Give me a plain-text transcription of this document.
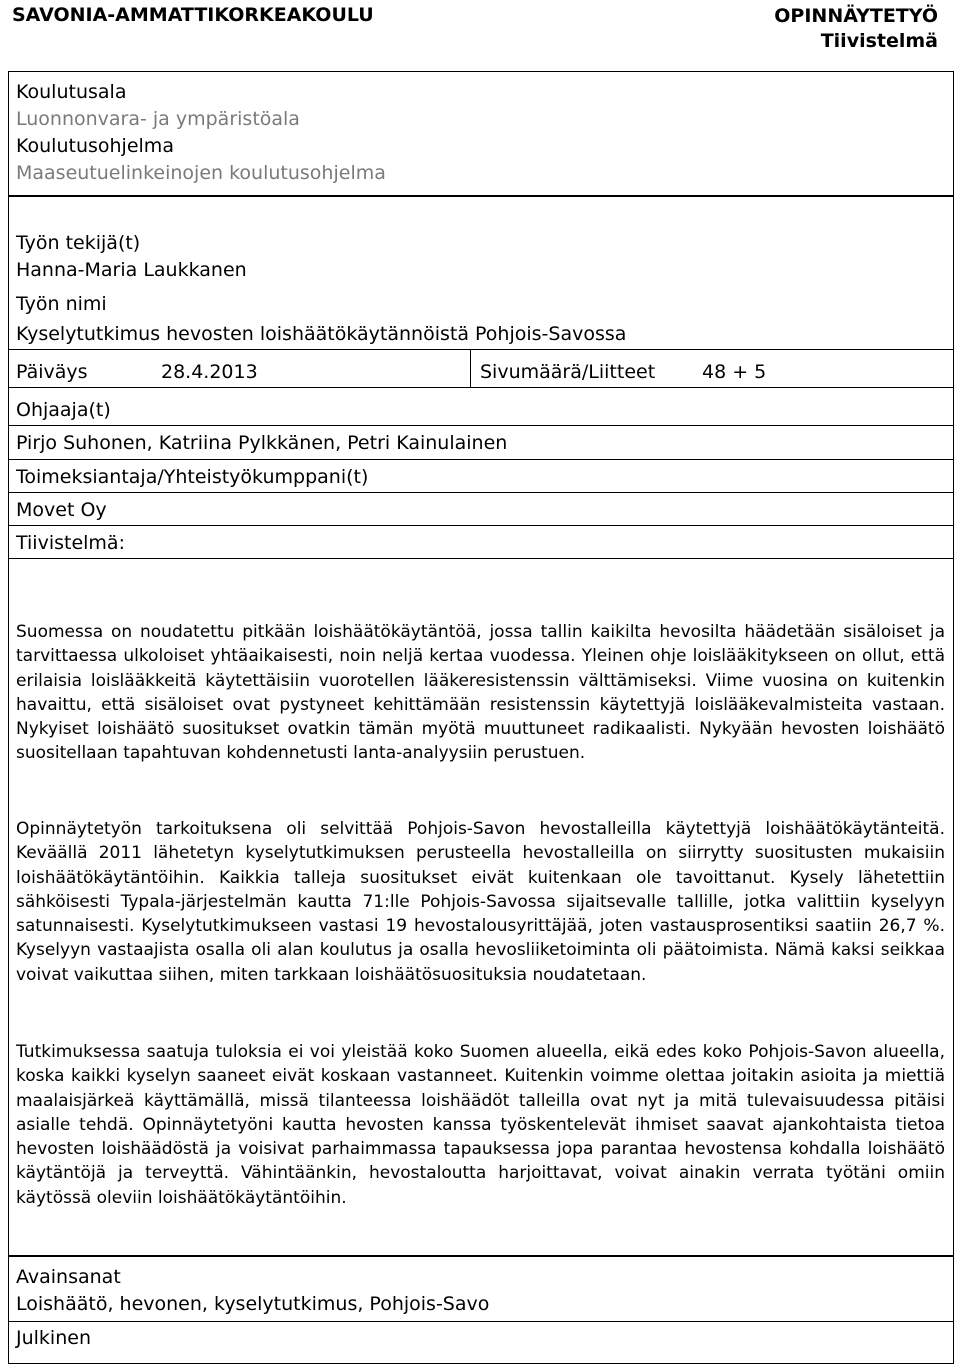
SAVONIA-AMMATTIKORKEAKOULU	OPINNÄYTETYÖ
Tiivistelmä
Koulutusala
Luonnonvara- ja ympäristöala
Koulutusohjelma
Maaseutuelinkeinojen koulutusohjelma
Työn tekijä(t)
Hanna-Maria Laukkanen
Työn nimi
Kyselytutkimus hevosten loishäätökäytännöistä Pohjois-Savossa
Päiväys	28.4.2013	Sivumäärä/Liitteet 48 + 5
Ohjaaja(t)
Pirjo Suhonen, Katriina Pylkkänen, Petri Kainulainen
Toimeksiantaja/Yhteistyökumppani(t)
Movet Oy
Tiivistelmä:
Suomessa on noudatettu pitkään loishäätökäytäntöä, jossa tallin kaikilta hevosilta häädetään sisäloiset ja tarvittaessa ulkoloiset yhtäaikaisesti, noin neljä kertaa vuodessa. Yleinen ohje loislääkitykseen on ollut, että erilaisia loislääkkeitä käytettäisiin vuorotellen lääkeresistenssin välttämiseksi. Viime vuosina on kuitenkin havaittu, että sisäloiset ovat pystyneet kehittämään resistenssin käytettyjä loislääkevalmisteita vastaan. Nykyiset loishäätö suositukset ovatkin tämän myötä muuttuneet radikaalisti. Nykyään hevosten loishäätö suositellaan tapahtuvan kohdennetusti lanta-analyysiin perustuen.
Opinnäytetyön tarkoituksena oli selvittää Pohjois-Savon hevostalleilla käytettyjä loishäätökäytänteitä. Keväällä 2011 lähetetyn kyselytutkimuksen perusteella hevostalleilla on siirrytty suositusten mukaisiin loishäätökäytäntöihin. Kaikkia talleja suositukset eivät kuitenkaan ole tavoittanut. Kysely lähetettiin sähköisesti Typala-järjestelmän kautta 71:lle Pohjois-Savossa sijaitsevalle tallille, jotka valittiin kyselyyn satunnaisesti. Kyselytutkimukseen vastasi 19 hevostalousyrittäjää, joten vastausprosentiksi saatiin 26,7 %. Kyselyyn vastaajista osalla oli alan koulutus ja osalla hevosliiketoiminta oli päätoimista. Nämä kaksi seikkaa voivat vaikuttaa siihen, miten tarkkaan loishäätösuosituksia noudatetaan.
Tutkimuksessa saatuja tuloksia ei voi yleistää koko Suomen alueella, eikä edes koko Pohjois-Savon alueella, koska kaikki kyselyn saaneet eivät koskaan vastanneet. Kuitenkin voimme olettaa joitakin asioita ja miettiä maalaisjärkeä käyttämällä, missä tilanteessa loishäädöt talleilla ovat nyt ja mitä tulevaisuudessa pitäisi asialle tehdä. Opinnäytetyöni kautta hevosten kanssa työskentelevät ihmiset saavat ajankohtaista tietoa hevosten loishäädöstä ja voisivat parhaimmassa tapauksessa jopa parantaa hevostensa kohdalla loishäätö käytäntöjä ja terveyttä. Vähintäänkin, hevostaloutta harjoittavat, voivat ainakin verrata työtäni omiin käytössä oleviin loishäätökäytäntöihin.
Avainsanat
Loishäätö, hevonen, kyselytutkimus, Pohjois-Savo
Julkinen
